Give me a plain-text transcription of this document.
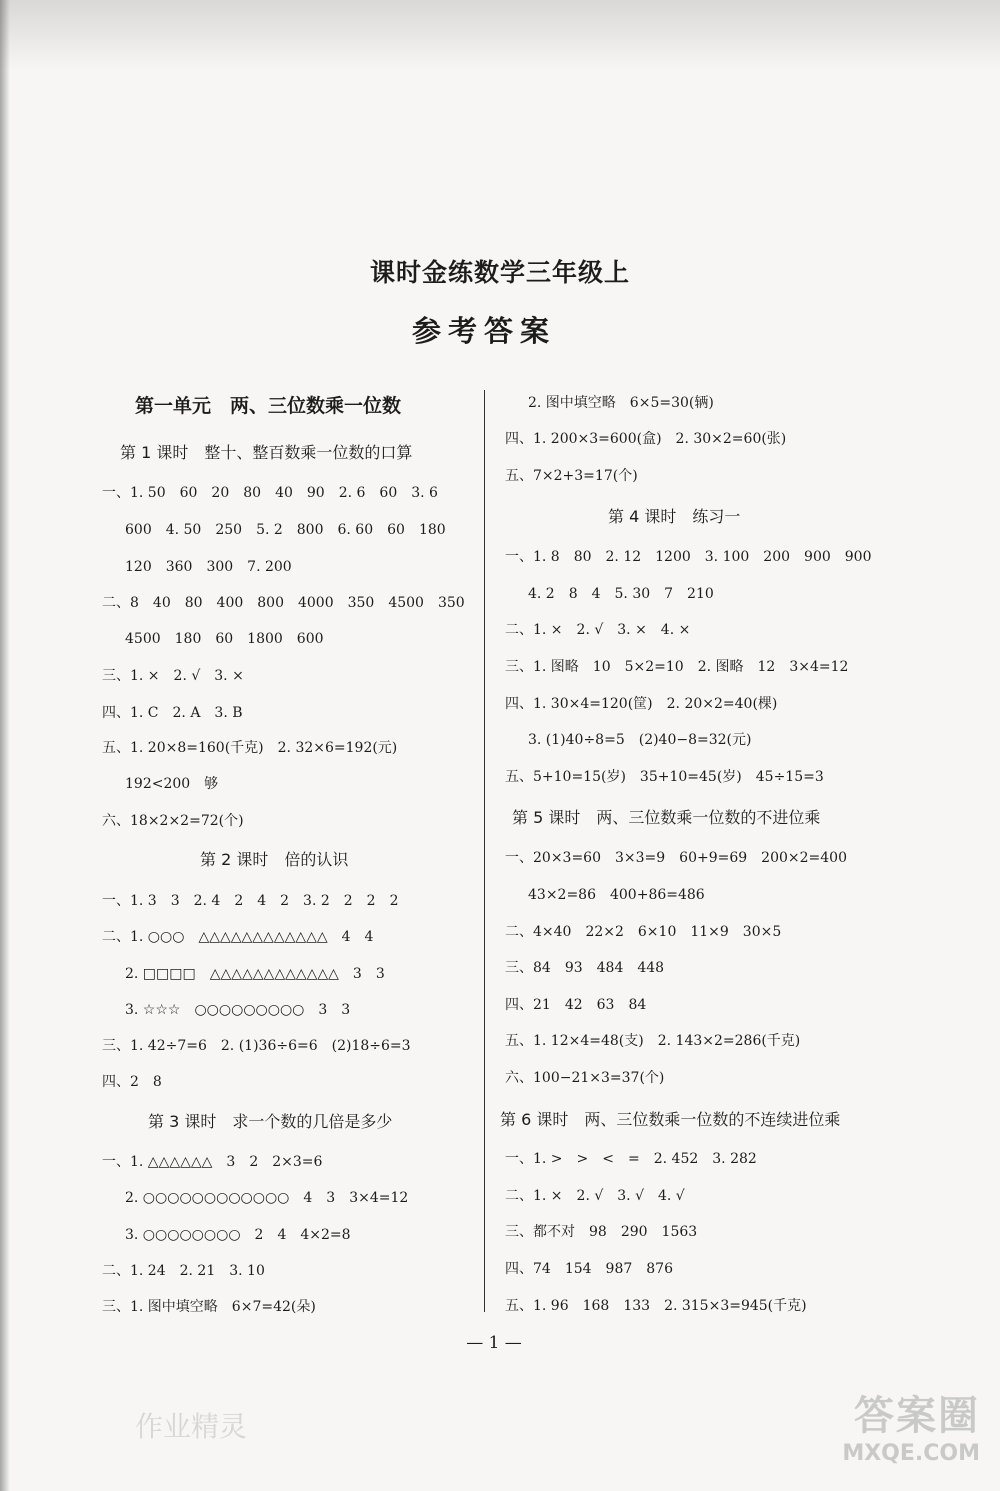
课时金练数学三年级上
参考答案
第一单元　两、三位数乘一位数
第 1 课时　整十、整百数乘一位数的口算
一、1. 50　60　20　80　40　90　2. 6　60　3. 6
600　4. 50　250　5. 2　800　6. 60　60　180
120　360　300　7. 200
二、8　40　80　400　800　4000　350　4500　350
4500　180　60　1800　600
三、1. ×　2. √　3. ×
四、1. C　2. A　3. B
五、1. 20×8=160(千克)　2. 32×6=192(元)
192<200　够
六、18×2×2=72(个)
第 2 课时　倍的认识
一、1. 3　3　2. 4　2　4　2　3. 2　2　2　2
二、1. ○○○　△△△△△△△△△△△△　4　4
2. □□□□　△△△△△△△△△△△△　3　3
3. ☆☆☆　○○○○○○○○○　3　3
三、1. 42÷7=6　2. (1)36÷6=6　(2)18÷6=3
四、2　8
第 3 课时　求一个数的几倍是多少
一、1. △△△△△△　3　2　2×3=6
2. ○○○○○○○○○○○○　4　3　3×4=12
3. ○○○○○○○○　2　4　4×2=8
二、1. 24　2. 21　3. 10
三、1. 图中填空略　6×7=42(朵)
2. 图中填空略　6×5=30(辆)
四、1. 200×3=600(盒)　2. 30×2=60(张)
五、7×2+3=17(个)
第 4 课时　练习一
一、1. 8　80　2. 12　1200　3. 100　200　900　900
4. 2　8　4　5. 30　7　210
二、1. ×　2. √　3. ×　4. ×
三、1. 图略　10　5×2=10　2. 图略　12　3×4=12
四、1. 30×4=120(筐)　2. 20×2=40(棵)
3. (1)40÷8=5　(2)40−8=32(元)
五、5+10=15(岁)　35+10=45(岁)　45÷15=3
第 5 课时　两、三位数乘一位数的不进位乘
一、20×3=60　3×3=9　60+9=69　200×2=400
43×2=86　400+86=486
二、4×40　22×2　6×10　11×9　30×5
三、84　93　484　448
四、21　42　63　84
五、1. 12×4=48(支)　2. 143×2=286(千克)
六、100−21×3=37(个)
第 6 课时　两、三位数乘一位数的不连续进位乘
一、1. >　>　<　=　2. 452　3. 282
二、1. ×　2. √　3. √　4. √
三、都不对　98　290　1563
四、74　154　987　876
五、1. 96　168　133　2. 315×3=945(千克)
— 1 —
作业精灵	答案圈
MXQE.COM
